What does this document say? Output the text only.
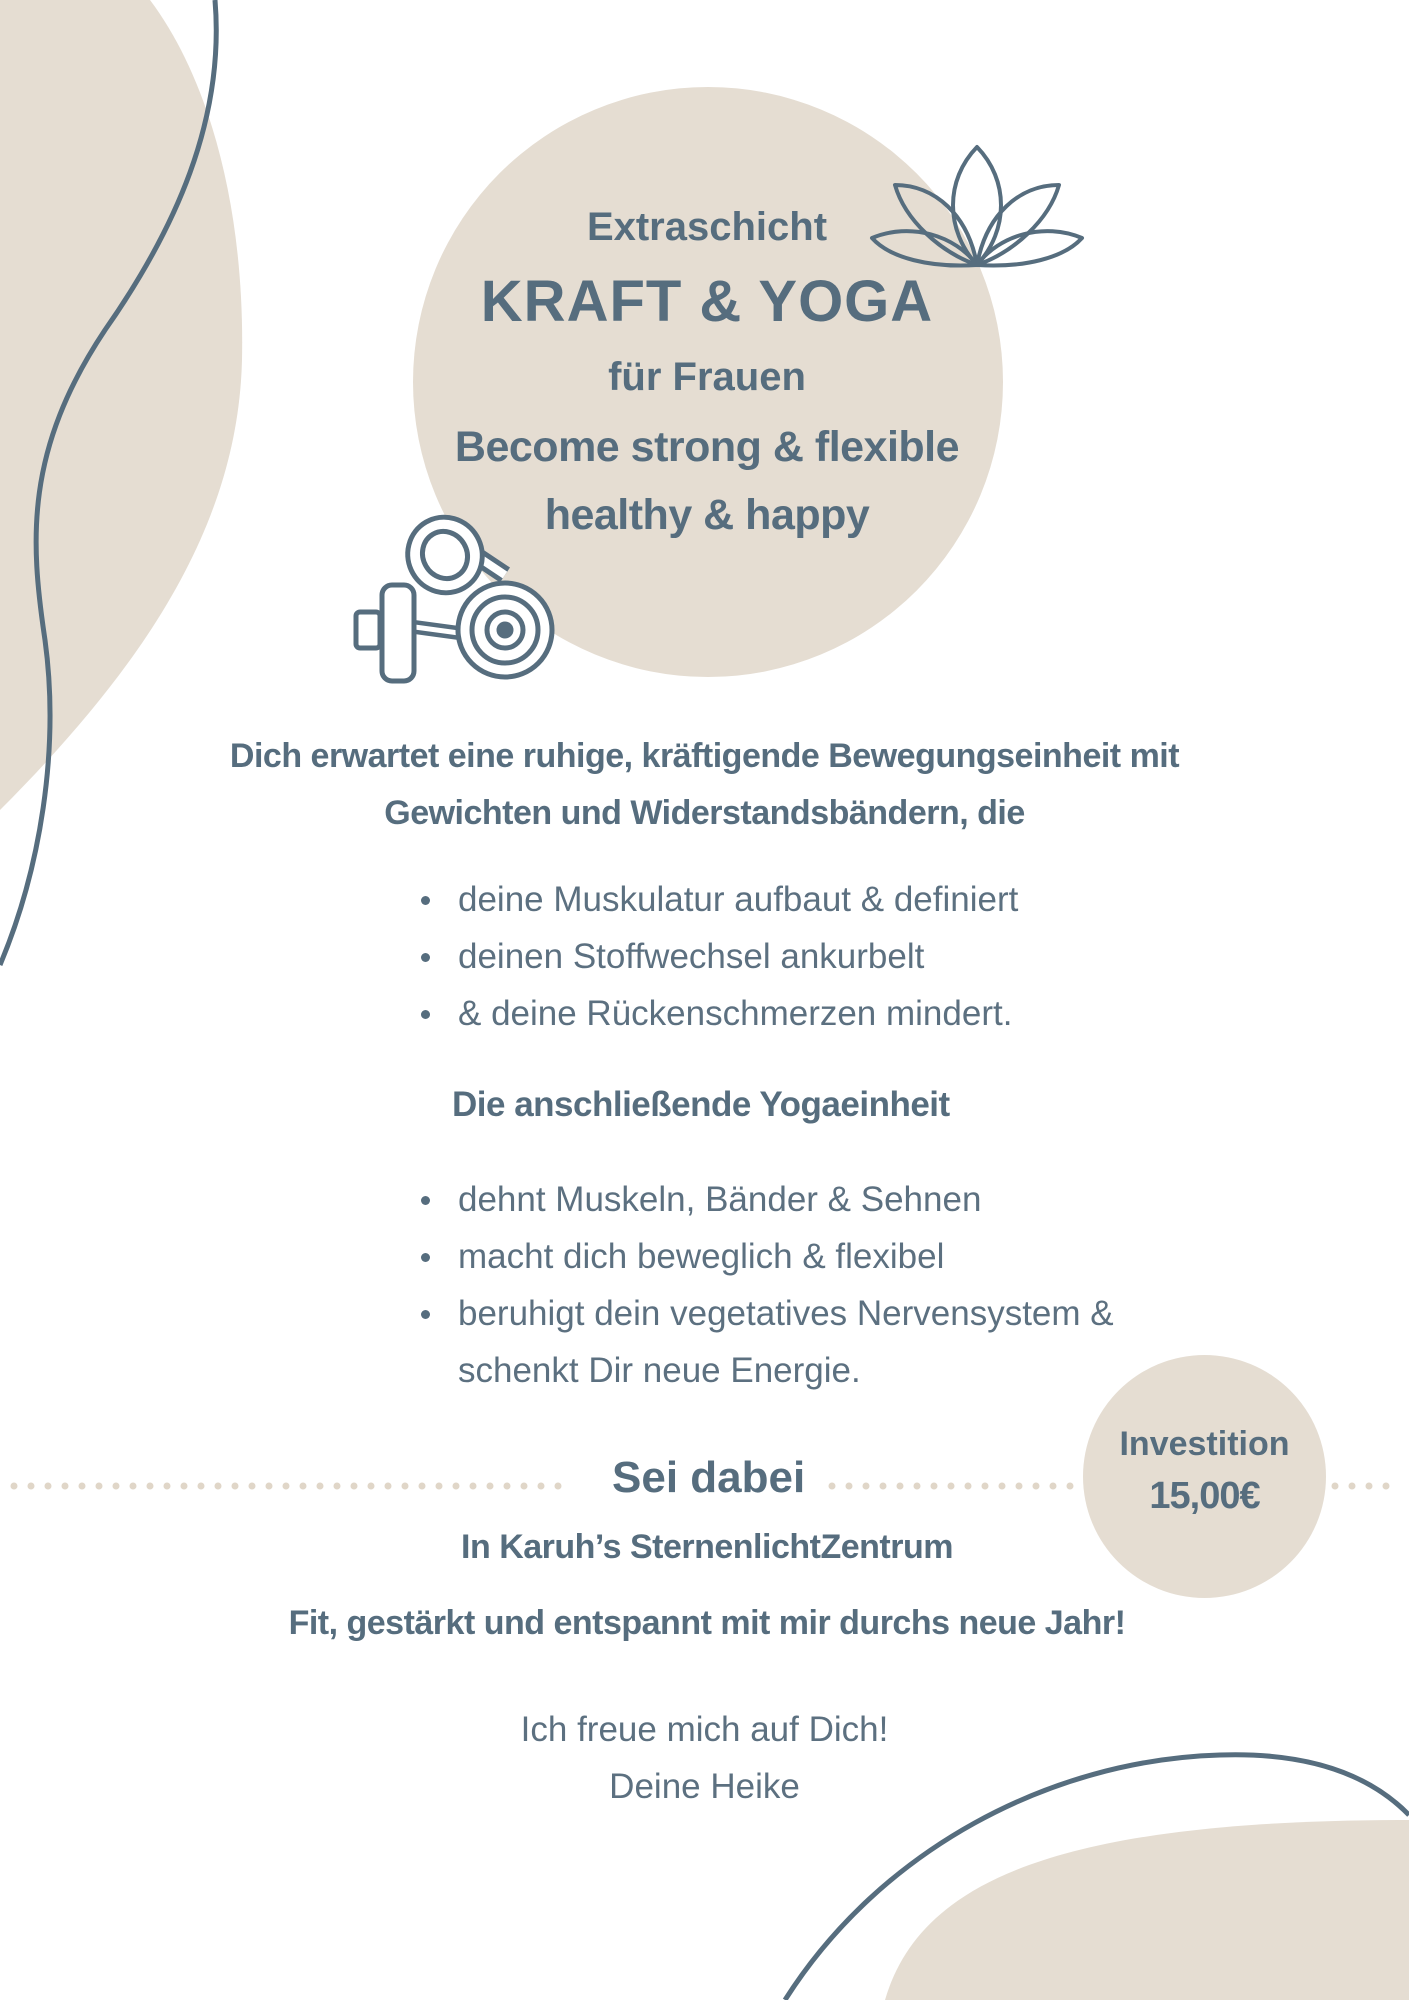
Extraschicht
KRAFT & YOGA
für Frauen
Become strong & flexible
healthy & happy
Dich erwartet eine ruhige, kräftigende Bewegungseinheit mit
Gewichten und Widerstandsbändern, die
deine Muskulatur aufbaut & definiert
deinen Stoffwechsel ankurbelt
& deine Rückenschmerzen mindert.
Die anschließende Yogaeinheit
dehnt Muskeln, Bänder & Sehnen
macht dich beweglich & flexibel
beruhigt dein vegetatives Nervensystem &
schenkt Dir neue Energie.
Investition
15,00€
Sei dabei
In Karuh’s SternenlichtZentrum
Fit, gestärkt und entspannt mit mir durchs neue Jahr!
Ich freue mich auf Dich!
Deine Heike
